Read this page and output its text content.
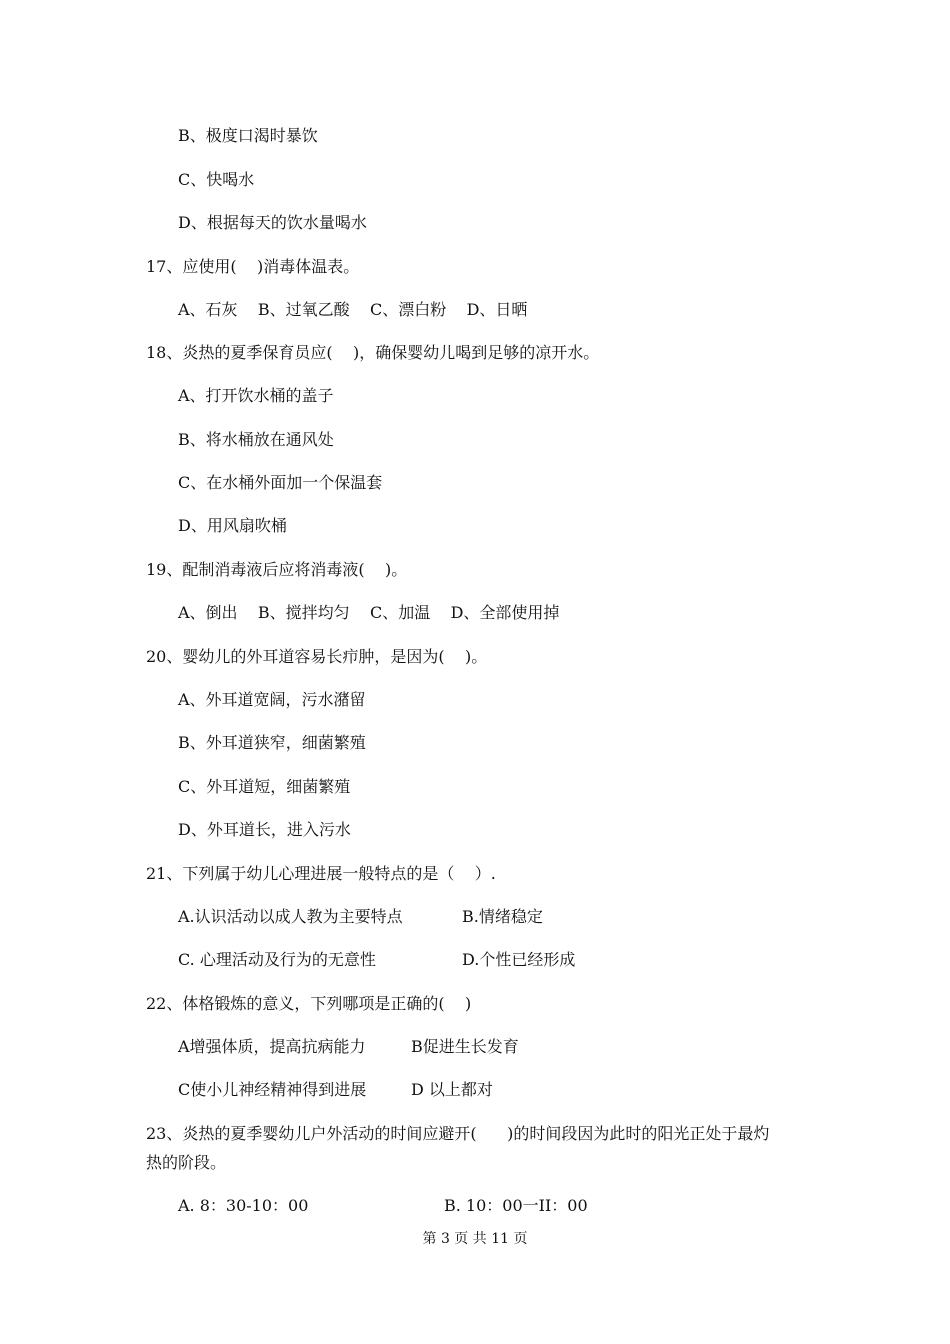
B、极度口渴时暴饮
C、快喝水
D、根据每天的饮水量喝水
17、应使用(    )消毒体温表。
A、石灰    B、过氧乙酸    C、漂白粉    D、日晒
18、炎热的夏季保育员应(    )，确保婴幼儿喝到足够的凉开水。
A、打开饮水桶的盖子
B、将水桶放在通风处
C、在水桶外面加一个保温套
D、用风扇吹桶
19、配制消毒液后应将消毒液(    )。
A、倒出    B、搅拌均匀    C、加温    D、全部使用掉
20、婴幼儿的外耳道容易长疖肿，是因为(    )。
A、外耳道宽阔，污水潴留
B、外耳道狭窄，细菌繁殖
C、外耳道短，细菌繁殖
D、外耳道长，进入污水
21、下列属于幼儿心理进展一般特点的是（    ）.
A.认识活动以成人教为主要特点	B.情绪稳定
C. 心理活动及行为的无意性	D.个性已经形成
22、体格锻炼的意义，下列哪项是正确的(    )
A增强体质，提高抗病能力	B促进生长发育
C使小儿神经精神得到进展	D 以上都对
23、炎热的夏季婴幼儿户外活动的时间应避开(      )的时间段因为此时的阳光正处于最灼
热的阶段。
A. 8：30-10：00	B. 10：00一II：00
第 3 页 共 11 页
